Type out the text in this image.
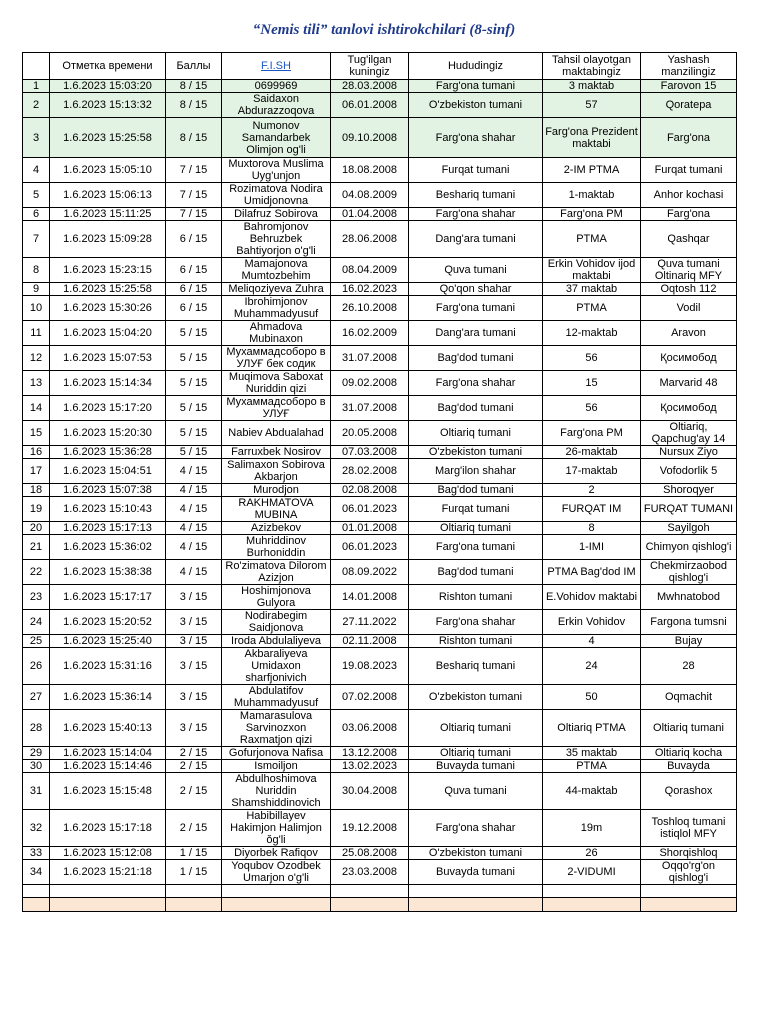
“Nemis tili” tanlovi ishtirokchilari (8-sinf)
	Отметка времени	Баллы	F.I.SH	Tug'ilgan kuningiz	Hududingiz	Tahsil olayotgan maktabingiz	Yashash manzilingiz
1	1.6.2023 15:03:20	8 / 15	0699969	28.03.2008	Farg'ona tumani	3 maktab	Farovon 15
2	1.6.2023 15:13:32	8 / 15	Saidaxon Abdurazzoqova	06.01.2008	O'zbekiston tumani	57	Qoratepa
3	1.6.2023 15:25:58	8 / 15	Numonov Samandarbek Olimjon og'li	09.10.2008	Farg'ona shahar	Farg'ona Prezident maktabi	Farg'ona
4	1.6.2023 15:05:10	7 / 15	Muxtorova Muslima Uyg'unjon	18.08.2008	Furqat tumani	2-IM PTMA	Furqat tumani
5	1.6.2023 15:06:13	7 / 15	Rozimatova Nodira Umidjonovna	04.08.2009	Beshariq tumani	1-maktab	Anhor kochasi
6	1.6.2023 15:11:25	7 / 15	Dilafruz Sobirova	01.04.2008	Farg'ona shahar	Farg'ona PM	Farg'ona
7	1.6.2023 15:09:28	6 / 15	Bahromjonov Behruzbek Bahtiyorjon o'g'li	28.06.2008	Dang'ara tumani	PTMA	Qashqar
8	1.6.2023 15:23:15	6 / 15	Mamajonova Mumtozbehim	08.04.2009	Quva tumani	Erkin Vohidov ijod maktabi	Quva tumani Oltinariq MFY
9	1.6.2023 15:25:58	6 / 15	Meliqoziyeva Zuhra	16.02.2023	Qo'qon shahar	37 maktab	Oqtosh 112
10	1.6.2023 15:30:26	6 / 15	Ibrohimjonov Muhammadyusuf	26.10.2008	Farg'ona tumani	PTMA	Vodil
11	1.6.2023 15:04:20	5 / 15	Ahmadova Mubinaxon	16.02.2009	Dang'ara tumani	12-maktab	Aravon
12	1.6.2023 15:07:53	5 / 15	Мухаммадсоборо в УЛУҒ бек содик	31.07.2008	Bag'dod tumani	56	Қосимобод
13	1.6.2023 15:14:34	5 / 15	Muqimova Saboxat Nuriddin qizi	09.02.2008	Farg'ona shahar	15	Marvarid 48
14	1.6.2023 15:17:20	5 / 15	Мухаммадсоборо в УЛУҒ	31.07.2008	Bag'dod tumani	56	Қосимобод
15	1.6.2023 15:20:30	5 / 15	Nabiev Abdualahad	20.05.2008	Oltiariq tumani	Farg'ona PM	Oltiariq, Qapchug'ay 14
16	1.6.2023 15:36:28	5 / 15	Farruxbek Nosirov	07.03.2008	O'zbekiston tumani	26-maktab	Nursux Ziyo
17	1.6.2023 15:04:51	4 / 15	Salimaxon Sobirova Akbarjon	28.02.2008	Marg'ilon shahar	17-maktab	Vofodorlik 5
18	1.6.2023 15:07:38	4 / 15	Murodjon	02.08.2008	Bag'dod tumani	2	Shoroqyer
19	1.6.2023 15:10:43	4 / 15	RAKHMATOVA MUBINA	06.01.2023	Furqat tumani	FURQAT IM	FURQAT TUMANI
20	1.6.2023 15:17:13	4 / 15	Azizbekov	01.01.2008	Oltiariq tumani	8	Sayilgoh
21	1.6.2023 15:36:02	4 / 15	Muhriddinov Burhoniddin	06.01.2023	Farg'ona tumani	1-IMI	Chimyon qishlog'i
22	1.6.2023 15:38:38	4 / 15	Ro'zimatova Dilorom Azizjon	08.09.2022	Bag'dod tumani	PTMA Bag'dod IM	Chekmirzaobod qishlog'i
23	1.6.2023 15:17:17	3 / 15	Hoshimjonova Gulyora	14.01.2008	Rishton tumani	E.Vohidov maktabi	Mwhnatobod
24	1.6.2023 15:20:52	3 / 15	Nodirabegim Saidjonova	27.11.2022	Farg'ona shahar	Erkin Vohidov	Fargona tumsni
25	1.6.2023 15:25:40	3 / 15	Iroda Abdulaliyeva	02.11.2008	Rishton tumani	4	Bujay
26	1.6.2023 15:31:16	3 / 15	Akbaraliyeva Umidaxon sharfjonivich	19.08.2023	Beshariq tumani	24	28
27	1.6.2023 15:36:14	3 / 15	Abdulatifov Muhammadyusuf	07.02.2008	O'zbekiston tumani	50	Oqmachit
28	1.6.2023 15:40:13	3 / 15	Mamarasulova Sarvinozxon Raxmatjon qizi	03.06.2008	Oltiariq tumani	Oltiariq PTMA	Oltiariq tumani
29	1.6.2023 15:14:04	2 / 15	Gofurjonova Nafisa	13.12.2008	Oltiariq tumani	35 maktab	Oltiariq kocha
30	1.6.2023 15:14:46	2 / 15	Ismoiljon	13.02.2023	Buvayda tumani	PTMA	Buvayda
31	1.6.2023 15:15:48	2 / 15	Abdulhoshimova Nuriddin Shamshiddinovich	30.04.2008	Quva tumani	44-maktab	Qorashox
32	1.6.2023 15:17:18	2 / 15	Habibillayev Hakimjon Halimjon ŏg'li	19.12.2008	Farg'ona shahar	19m	Toshloq tumani istiqlol MFY
33	1.6.2023 15:12:08	1 / 15	Diyorbek Rafiqov	25.08.2008	O'zbekiston tumani	26	Shorqishloq
34	1.6.2023 15:21:18	1 / 15	Yoqubov Ozodbek Umarjon o'g'li	23.03.2008	Buvayda tumani	2-VIDUMI	Oqqo'rg'on qishlog'i
